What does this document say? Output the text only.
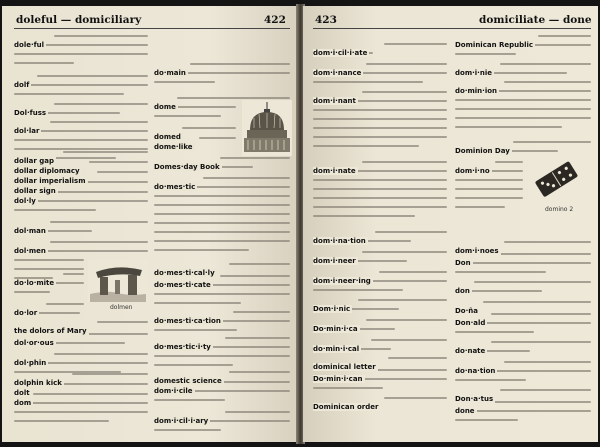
doleful — domiciliary	422
dole·ful
dolf
Dol·fuss
dol·lar
dollar gap
dollar diplomacy
dollar imperialism
dollar sign
dol·ly
dol·man
dol·men
do·lo·mite
do·lor
the dolors of Mary
dol·or·ous
dol·phin
dolphin kick
dolt
dom
do·main
dome
domed
dome·like
Domes·day Book
do·mes·tic
do·mes·ti·cal·ly
do·mes·ti·cate
do·mes·ti·ca·tion
do·mes·tic·i·ty
domestic science
dom·i·cile
dom·i·cil·i·ary
dolmen
423	domiciliate — done
dom·i·cil·i·ate
dom·i·nance
dom·i·nant
dom·i·nate
dom·i·na·tion
dom·i·neer
dom·i·neer·ing
Dom·i·nic
Do·min·i·ca
do·min·i·cal
dominical letter
Do·min·i·can
Dominican order
Dominican Republic
dom·i·nie
do·min·ion
Dominion Day
dom·i·no
dom·i·noes
Don
don
Do·ña
Don·ald
do·nate
do·na·tion
Don·a·tus
done
domino 2
